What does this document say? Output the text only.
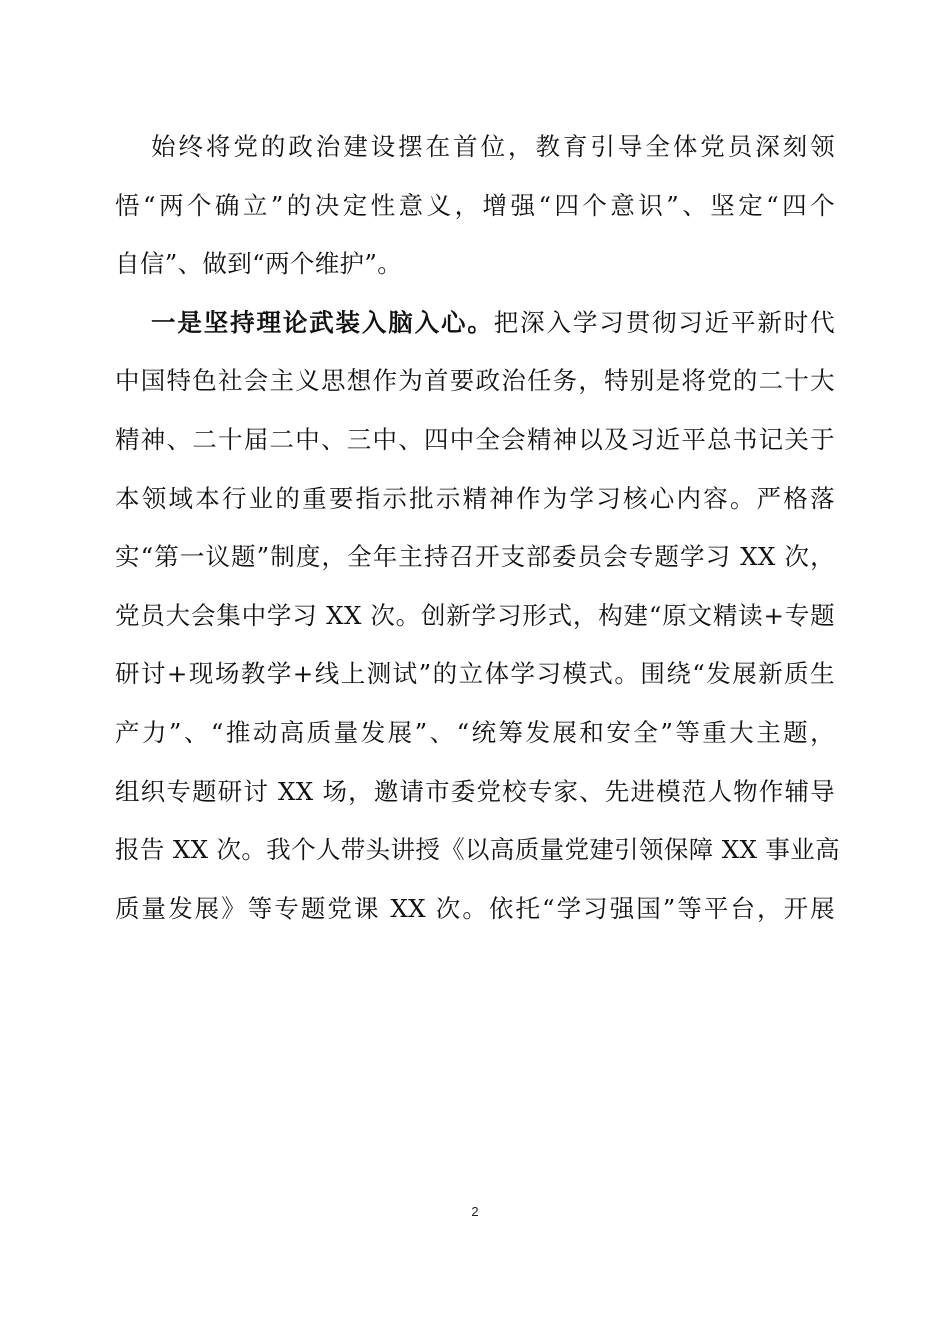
始终将党的政治建设摆在首位，教育引导全体党员深刻领
悟“两个确立”的决定性意义，增强“四个意识”、坚定“四个
自信”、做到“两个维护”。
一是坚持理论武装入脑入心。把深入学习贯彻习近平新时代
中国特色社会主义思想作为首要政治任务，特别是将党的二十大
精神、二十届二中、三中、四中全会精神以及习近平总书记关于
本领域本行业的重要指示批示精神作为学习核心内容。严格落
实“第一议题”制度，全年主持召开支部委员会专题学习 XX 次，
党员大会集中学习 XX 次。创新学习形式，构建“原文精读+专题
研讨+现场教学+线上测试”的立体学习模式。围绕“发展新质生
产力”、“推动高质量发展”、“统筹发展和安全”等重大主题，
组织专题研讨 XX 场，邀请市委党校专家、先进模范人物作辅导
报告 XX 次。我个人带头讲授《以高质量党建引领保障 XX 事业高
质量发展》等专题党课 XX 次。依托“学习强国”等平台，开展
2
